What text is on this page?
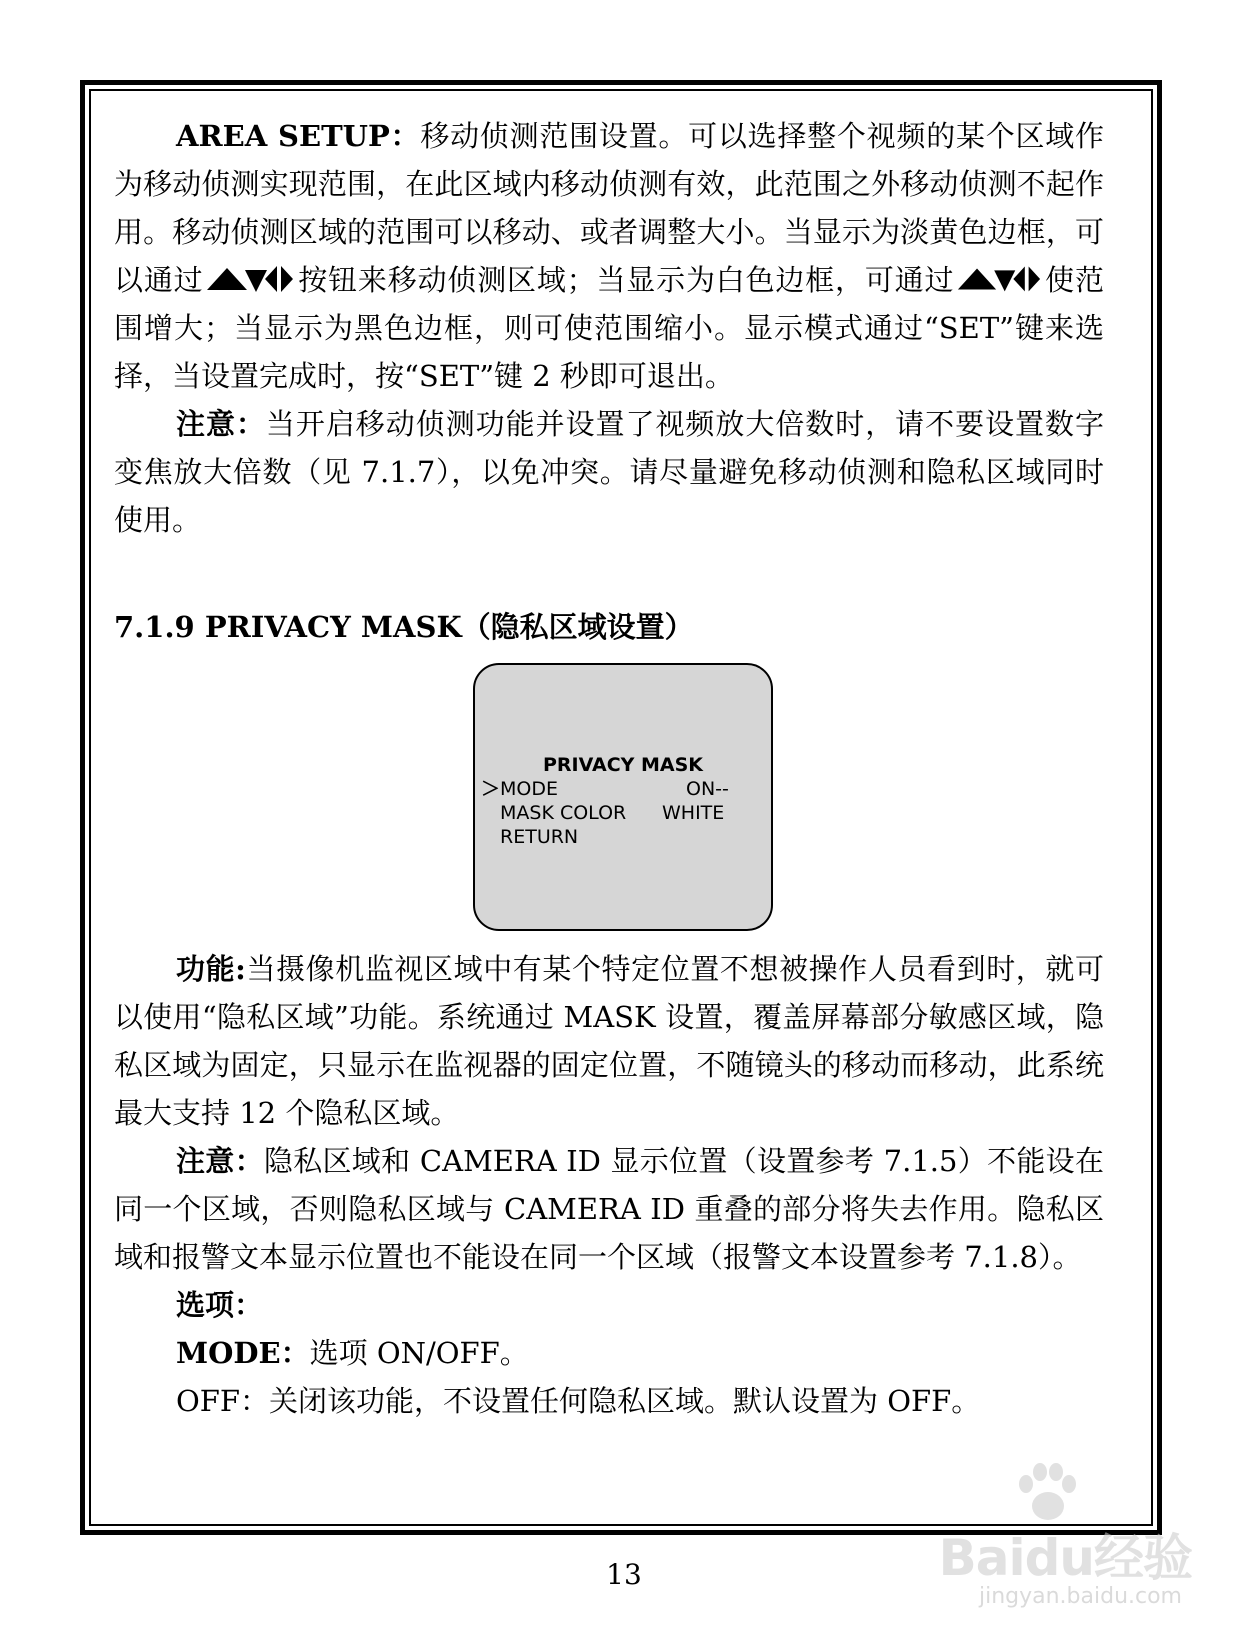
AREA SETUP：移动侦测范围设置。可以选择整个视频的某个区域作为移动侦测实现范围，在此区域内移动侦测有效，此范围之外移动侦测不起作用。移动侦测区域的范围可以移动、或者调整大小。当显示为淡黄色边框，可以通过	按钮来移动侦测区域；当显示为白色边框，可通过	使范围增大；当显示为黑色边框，则可使范围缩小。显示模式通过“SET”键来选择，当设置完成时，按“SET”键 2 秒即可退出。

注意：当开启移动侦测功能并设置了视频放大倍数时，请不要设置数字变焦放大倍数（见 7.1.7），以免冲突。请尽量避免移动侦测和隐私区域同时使用。

7.1.9 PRIVACY MASK（隐私区域设置）

PRIVACY MASK
＞ MODE	ON--
MASK COLOR WHITE
RETURN

功能:当摄像机监视区域中有某个特定位置不想被操作人员看到时，就可以使用“隐私区域”功能。系统通过 MASK 设置，覆盖屏幕部分敏感区域，隐私区域为固定，只显示在监视器的固定位置，不随镜头的移动而移动，此系统最大支持 12 个隐私区域。

注意：隐私区域和 CAMERA ID 显示位置（设置参考 7.1.5）不能设在同一个区域，否则隐私区域与 CAMERA ID 重叠的部分将失去作用。隐私区域和报警文本显示位置也不能设在同一个区域（报警文本设置参考 7.1.8）。

选项：

MODE：选项 ON/OFF。

OFF：关闭该功能，不设置任何隐私区域。默认设置为 OFF。

13	Baidu经验
jingyan.baidu.com
